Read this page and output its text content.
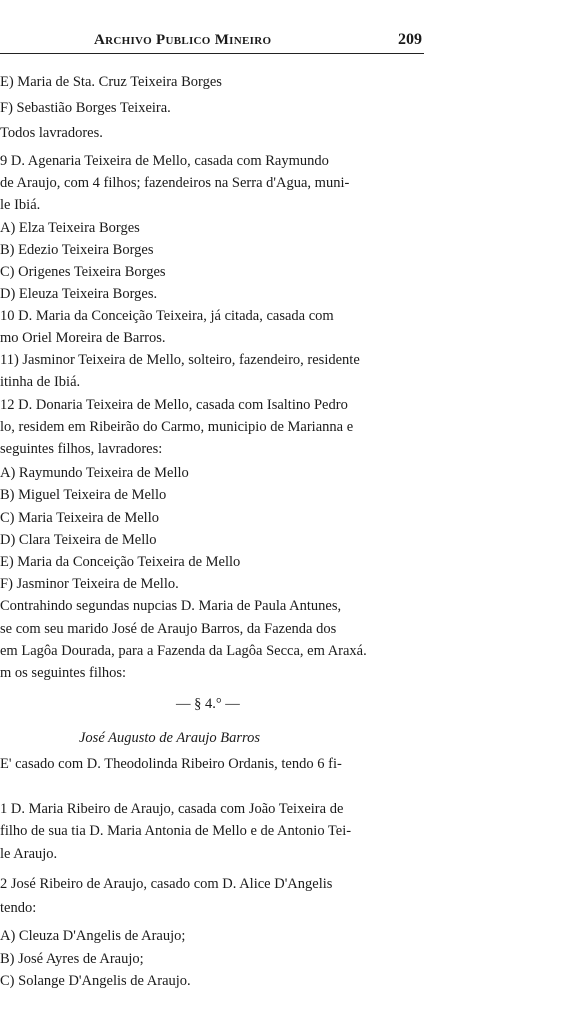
Archivo Publico Mineiro	209
E) Maria de Sta. Cruz Teixeira Borges
F) Sebastião Borges Teixeira.
Todos lavradores.
9 D. Agenaria Teixeira de Mello, casada com Raymundo
de Araujo, com 4 filhos; fazendeiros na Serra d'Agua, muni-
le Ibiá.
A) Elza Teixeira Borges
B) Edezio Teixeira Borges
C) Origenes Teixeira Borges
D) Eleuza Teixeira Borges.
10 D. Maria da Conceição Teixeira, já citada, casada com
mo Oriel Moreira de Barros.
11) Jasminor Teixeira de Mello, solteiro, fazendeiro, residente
itinha de Ibiá.
12 D. Donaria Teixeira de Mello, casada com Isaltino Pedro
lo, residem em Ribeirão do Carmo, municipio de Marianna e
seguintes filhos, lavradores:
A) Raymundo Teixeira de Mello
B) Miguel Teixeira de Mello
C) Maria Teixeira de Mello
D) Clara Teixeira de Mello
E) Maria da Conceição Teixeira de Mello
F) Jasminor Teixeira de Mello.
Contrahindo segundas nupcias D. Maria de Paula Antunes,
se com seu marido José de Araujo Barros, da Fazenda dos
em Lagôa Dourada, para a Fazenda da Lagôa Secca, em Araxá.
m os seguintes filhos:
— § 4.° —
José Augusto de Araujo Barros
E' casado com D. Theodolinda Ribeiro Ordanis, tendo 6 fi-
1 D. Maria Ribeiro de Araujo, casada com João Teixeira de
filho de sua tia D. Maria Antonia de Mello e de Antonio Tei-
le Araujo.
2 José Ribeiro de Araujo, casado com D. Alice D'Angelis
tendo:
A) Cleuza D'Angelis de Araujo;
B) José Ayres de Araujo;
C) Solange D'Angelis de Araujo.
